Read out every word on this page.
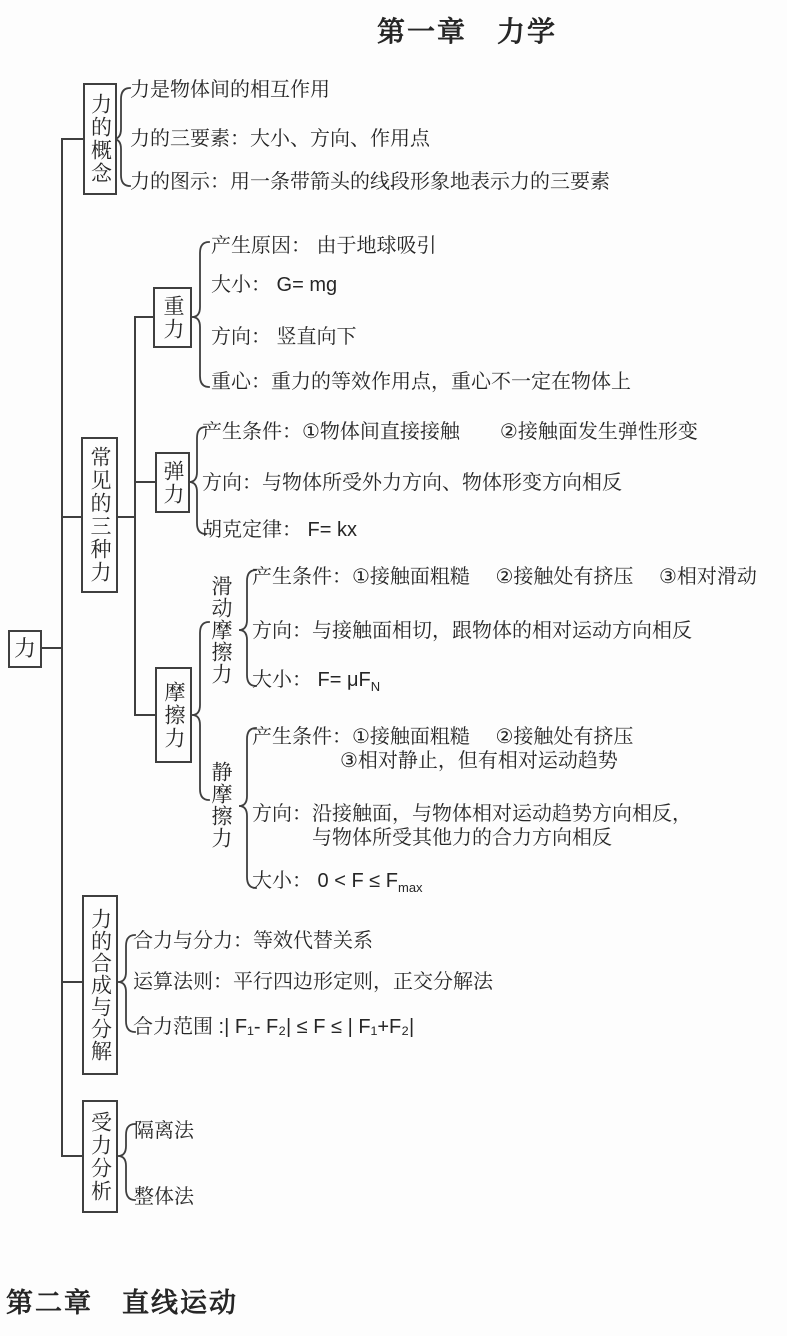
第一章　力学
力
力的概念
常见的三种力
力的合成与分解
受力分析
重力
弹力
摩擦力
滑动摩擦力
静摩擦力
力是物体间的相互作用
力的三要素：大小、方向、作用点
力的图示：用一条带箭头的线段形象地表示力的三要素
产生原因： 由于地球吸引
大小： G= mg
方向： 竖直向下
重心：重力的等效作用点，重心不一定在物体上
产生条件：①物体间直接接触　　②接触面发生弹性形变
方向：与物体所受外力方向、物体形变方向相反
胡克定律： F= kx
产生条件：①接触面粗糙　 ②接触处有挤压　 ③相对滑动
方向：与接触面相切，跟物体的相对运动方向相反
大小： $F= \mu F_N$
产生条件：①接触面粗糙　 ②接触处有挤压
③相对静止，但有相对运动趋势
方向：沿接触面，与物体相对运动趋势方向相反，
与物体所受其他力的合力方向相反
大小： $0 < F \le F_{max}$
合力与分力：等效代替关系
运算法则：平行四边形定则，正交分解法
合力范围 :| F₁- F₂| ≤ F ≤ | F₁+F₂|
隔离法
整体法
第二章　直线运动
